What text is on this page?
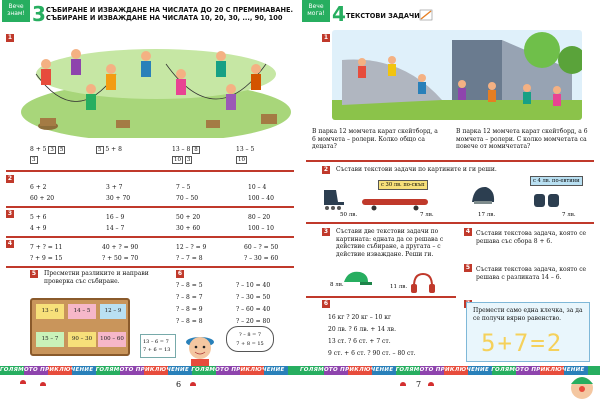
Вече знам! 3 СЪБИРАНЕ И ИЗВАЖДАНЕ НА ЧИСЛАТА ДО 20 С ПРЕМИНАВАНЕ.
СЪБИРАНЕ И ИЗВАЖДАНЕ НА ЧИСЛАТА 10, 20, 30, ..., 90, 100
1
8 + 5 3 5	5 5 + 8	13 – 8 8	13 – 5
3	10 3	10
2
6 + 2	3 + 7	7 – 5	10 – 4
60 + 20	30 + 70	70 – 50	100 – 40
3
5 + 6	16 – 9	50 + 20	80 – 20
4 + 9	14 – 7	30 + 60	100 – 10
4
7 + ? = 11	40 + ? = 90	12 – ? = 9	60 – ? = 50
? + 9 = 15	? + 50 = 70	? – 7 = 8	? – 30 = 60
5	Пресметни разликите и направи проверка със събиране.
6
? – 8 = 5	? – 10 = 40
? – 8 = 7	? – 30 = 50
? – 8 = 9	? – 60 = 40
? – 8 = 8	? – 20 = 80
13 – 6	14 – 5	12 – 9
15 – 7	90 – 30	100 – 60	13 – 6 = 7
7 + 6 = 13
? – 8 = 7
7 + 8 = 15
ГОЛЯМОТО ПРИКЛЮЧЕНИЕ ГОЛЯМОТО ПРИКЛЮЧЕНИЕ ГОЛЯМОТО ПРИКЛЮЧЕНИЕ
6
Вече мога! 4 ТЕКСТОВИ ЗАДАЧИ
1
В парка 12 момчета карат скейтборд, а 6 момчета – ролери. Колко общо са децата?
В парка 12 момчета карат скейтборд, а 6 момчета – ролери. С колко момчетата са повече от момичетата?
2	Състави текстови задачи по картините и ги реши.
с 30 лв. по-скъп
с 4 лв. по-евтини
50 лв.	7 лв.	17 лв.	7 лв.
3	Състави две текстови задачи по картината: едната да се решава с действие събиране, а другата – с действие изваждане. Реши ги.
4 Състави текстова задача, която се решава със сбора 8 + 6.
8 лв.	11 лв.
5 Състави текстова задача, която се решава с разликата 14 – 6.
6
16 кг ? 20 кг – 10 кг
20 лв. ? 6 лв. + 14 лв.
13 ст. ? 6 ст. + 7 ст.
9 ст. + 6 ст. ? 90 ст. – 80 ст.
Премести само една клечка, за да се получи вярно равенство.
5+7=2
ГОЛЯМОТО ПРИКЛЮЧЕНИЕ ГОЛЯМОТО ПРИКЛЮЧЕНИЕ ГОЛЯМОТО ПРИКЛЮЧЕНИЕ
7
